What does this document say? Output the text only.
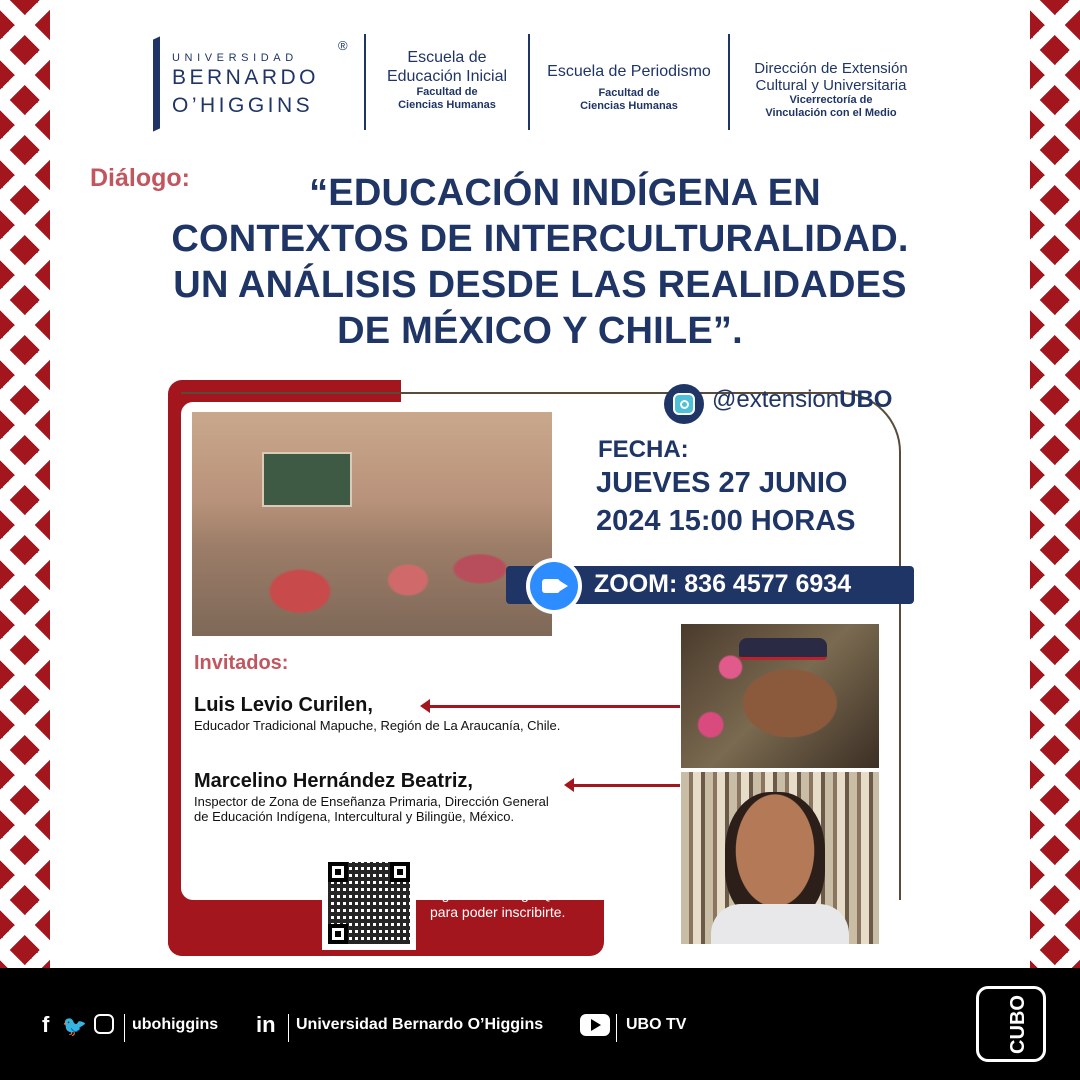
UNIVERSIDAD
BERNARDO
O’HIGGINS
®
Escuela de
Educación Inicial
Facultad de
Ciencias Humanas
Escuela de Periodismo
Facultad de
Ciencias Humanas
Dirección de Extensión
Cultural y Universitaria
Vicerrectoría de
Vinculación con el Medio
Diálogo:	“EDUCACIÓN INDÍGENA EN
CONTEXTOS DE INTERCULTURALIDAD.
UN ANÁLISIS DESDE LAS REALIDADES
DE MÉXICO Y CHILE”.
@extensionUBO
FECHA:
JUEVES 27 JUNIO
2024 15:00 HORAS
ZOOM: 836 4577 6934
Invitados:
Luis Levio Curilen,
Educador Tradicional Mapuche, Región de La Araucanía, Chile.
Marcelino Hernández Beatriz,
Inspector de Zona de Enseñanza Primaria, Dirección General
de Educación Indígena, Intercultural y Bilingüe, México.
Ingresa al código QR
para poder inscribirte.
f 🐦	ubohiggins in Universidad Bernardo O’Higgins	UBO TV	CUBO
